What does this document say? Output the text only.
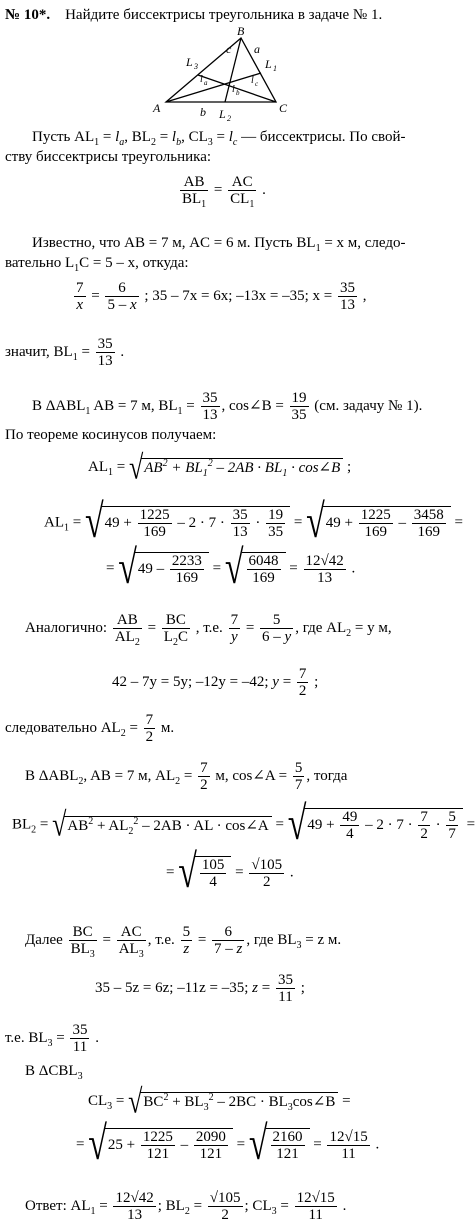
№ 10*. Найдите биссектрисы треугольника в задаче № 1.
B
A	C
c a
b
L 3	L 1
L 2
l a
l b
l c
Пусть $AL_1 = l_a$, $BL_2 = l_b$, $CL_3 = l_c$ — биссектрисы. По свой-
ству биссектрисы треугольника:
$\frac{AB}{BL_1} = \frac{AC}{CL_1}$ .
Известно, что AB = 7 м, AC = 6 м. Пусть $BL_1 = x$ м, следо-
вательно $L_1C = 5 - x$, откуда:
$\frac{7}{x} = \frac{6}{5 - x}$ ; 35 – 7x = 6x; –13x = –35; $x = \frac{35}{13}$ ,
значит, $BL_1 = \frac{35}{13}$ .
В $\Delta ABL_1$ AB = 7 м, $BL_1 = \frac{35}{13}$ , cos∠B = $\frac{19}{35} (см$. задачу № 1).
По теореме косинусов получаем:
$AL_1 = √AB^2 + BL_1^2 - 2AB \cdot BL_1$ · cos∠B ;
$AL_1 = √49 + \frac{1225}{169} - 2 \cdot 7 \cdot \frac{35}{13} \cdot \frac{19}{35} = √49 + \frac{1225}{169} - \frac{3458}{169}$ =
= $√49 - \frac{2233}{169}$ = √ $\frac{6048}{169} = \frac{12√42}{13}$ .
Аналогично: $\frac{AB}{AL_2} = \frac{BC}{L_2C}$ , т.е. $\frac{7}{y} = \frac{5}{6 - y}$ , где $AL_2 = y$ м,
42 – 7y = 5y; –12y = –42; $y = \frac{7}{2}$ ;
следовательно $AL_2 = \frac{7}{2} м$.
В $\Delta ABL_2$, AB = 7 м, $AL_2 = \frac{7}{2} м$, cos∠A = $\frac{5}{7}$ , тогда
$BL_2 = √AB^2 + AL_2^2 - 2AB$ · AL · cos∠A = $√49 + \frac{49}{4} - 2 \cdot 7 \cdot \frac{7}{2} \cdot \frac{5}{7}$ =
= √ $\frac{105}{4} = \frac{√105}{2}$ .
Далее $\frac{BC}{BL_3} = \frac{AC}{AL_3}$ , т.е. $\frac{5}{z} = \frac{6}{7 - z}$ , где $BL_3 = z$ м.
35 – 5z = 6z; –11z = –35; $z = \frac{35}{11}$ ;
т.е. $BL_3 = \frac{35}{11}$ .
В $\Delta CBL_3$
$CL_3 = √BC^2 + BL_3^2 - 2BC$ · $BL_3\cos\angle B$ =
= $√25 + \frac{1225}{121} - \frac{2090}{121}$ = √ $\frac{2160}{121} = \frac{12√15}{11}$ .
Ответ: $AL_1 = \frac{12√42}{13}$ ; $BL_2 = \frac{√105}{2}$ ; $CL_3 = \frac{12√15}{11}$ .
